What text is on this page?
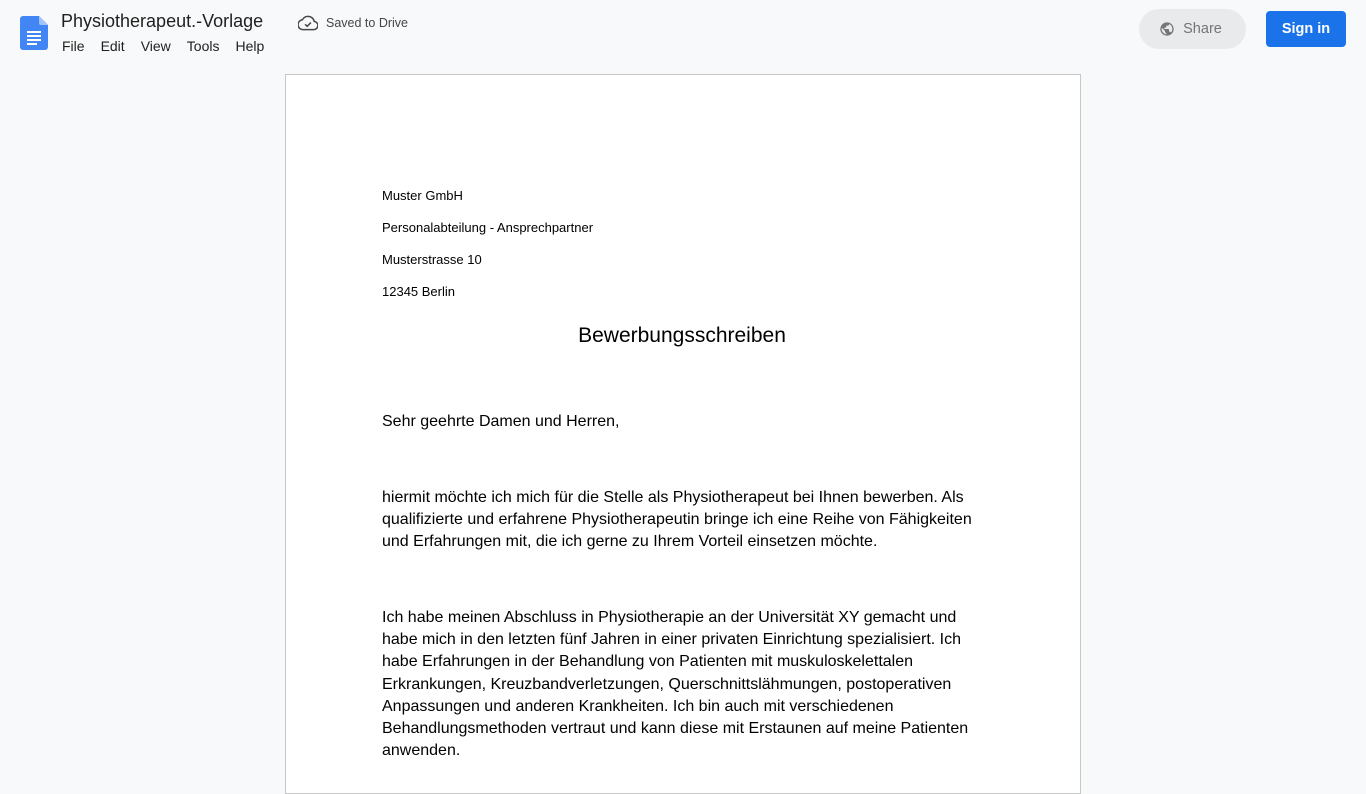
Physiotherapeut.-Vorlage	Saved to Drive
File	Edit	View	Tools	Help
Share	Sign in
Muster GmbH
Personalabteilung - Ansprechpartner
Musterstrasse 10
12345 Berlin
Bewerbungsschreiben
Sehr geehrte Damen und Herren,
hiermit möchte ich mich für die Stelle als Physiotherapeut bei Ihnen bewerben. Als qualifizierte und erfahrene Physiotherapeutin bringe ich eine Reihe von Fähigkeiten und Erfahrungen mit, die ich gerne zu Ihrem Vorteil einsetzen möchte.
Ich habe meinen Abschluss in Physiotherapie an der Universität XY gemacht und habe mich in den letzten fünf Jahren in einer privaten Einrichtung spezialisiert. Ich habe Erfahrungen in der Behandlung von Patienten mit muskuloskelettalen Erkrankungen, Kreuzbandverletzungen, Querschnittslähmungen, postoperativen Anpassungen und anderen Krankheiten. Ich bin auch mit verschiedenen Behandlungsmethoden vertraut und kann diese mit Erstaunen auf meine Patienten anwenden.
